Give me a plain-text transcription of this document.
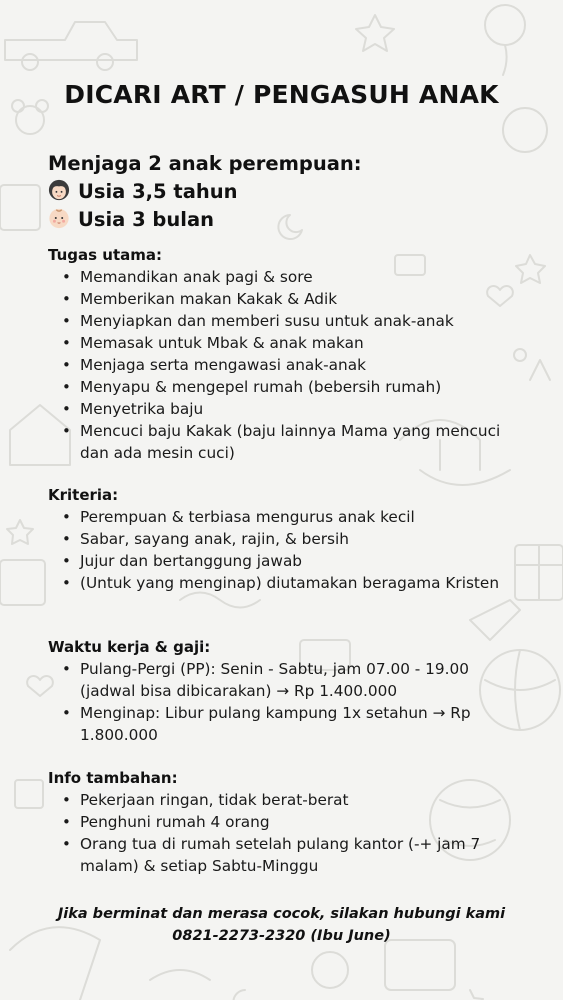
DICARI ART / PENGASUH ANAK
Menjaga 2 anak perempuan:
Usia 3,5 tahun
Usia 3 bulan
Tugas utama:
• Memandikan anak pagi & sore
• Memberikan makan Kakak & Adik
• Menyiapkan dan memberi susu untuk anak-anak
• Memasak untuk Mbak & anak makan
• Menjaga serta mengawasi anak-anak
• Menyapu & mengepel rumah (bebersih rumah)
• Menyetrika baju
• Mencuci baju Kakak (baju lainnya Mama yang mencuci dan ada mesin cuci)
Kriteria:
• Perempuan & terbiasa mengurus anak kecil
• Sabar, sayang anak, rajin, & bersih
• Jujur dan bertanggung jawab
• (Untuk yang menginap) diutamakan beragama Kristen
Waktu kerja & gaji:
• Pulang-Pergi (PP): Senin - Sabtu, jam 07.00 - 19.00 (jadwal bisa dibicarakan) → Rp 1.400.000
• Menginap: Libur pulang kampung 1x setahun → Rp 1.800.000
Info tambahan:
• Pekerjaan ringan, tidak berat-berat
• Penghuni rumah 4 orang
• Orang tua di rumah setelah pulang kantor (-+ jam 7 malam) & setiap Sabtu-Minggu
Jika berminat dan merasa cocok, silakan hubungi kami 0821-2273-2320 (Ibu June)
